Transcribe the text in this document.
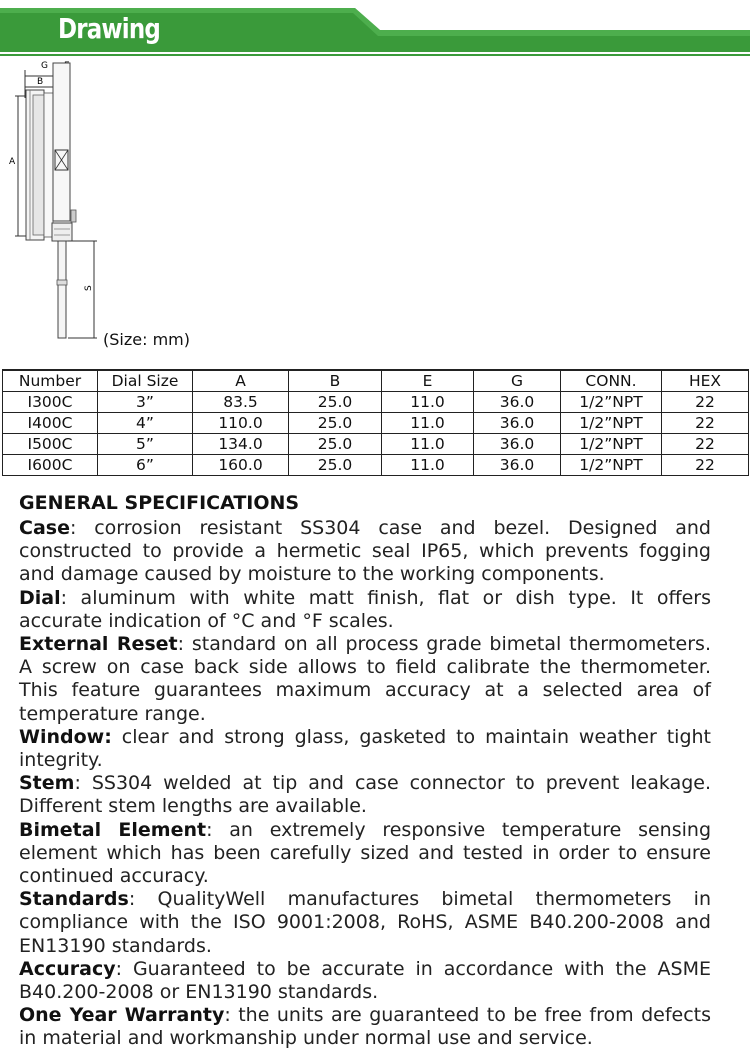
Drawing
G
B
A
S
(Size: mm)
Number	Dial Size	A	B	E	G	CONN.	HEX
I300C	3”	83.5	25.0	11.0	36.0	1/2”NPT	22
I400C	4”	110.0	25.0	11.0	36.0	1/2”NPT	22
I500C	5”	134.0	25.0	11.0	36.0	1/2”NPT	22
I600C	6”	160.0	25.0	11.0	36.0	1/2”NPT	22
GENERAL SPECIFICATIONS

Case: corrosion resistant SS304 case and bezel. Designed and constructed to provide a hermetic seal IP65, which prevents fogging and damage caused by moisture to the working components.

Dial: aluminum with white matt finish, flat or dish type. It offers accurate indication of °C and °F scales.

External Reset: standard on all process grade bimetal thermometers. A screw on case back side allows to field calibrate the thermometer. This feature guarantees maximum accuracy at a selected area of temperature range.

Window: clear and strong glass, gasketed to maintain weather tight integrity.

Stem: SS304 welded at tip and case connector to prevent leakage. Different stem lengths are available.

Bimetal Element: an extremely responsive temperature sensing element which has been carefully sized and tested in order to ensure continued accuracy.

Standards: QualityWell manufactures bimetal thermometers in compliance with the ISO 9001:2008, RoHS, ASME B40.200-2008 and EN13190 standards.

Accuracy: Guaranteed to be accurate in accordance with the ASME B40.200-2008 or EN13190 standards.

One Year Warranty: the units are guaranteed to be free from defects in material and workmanship under normal use and service.
